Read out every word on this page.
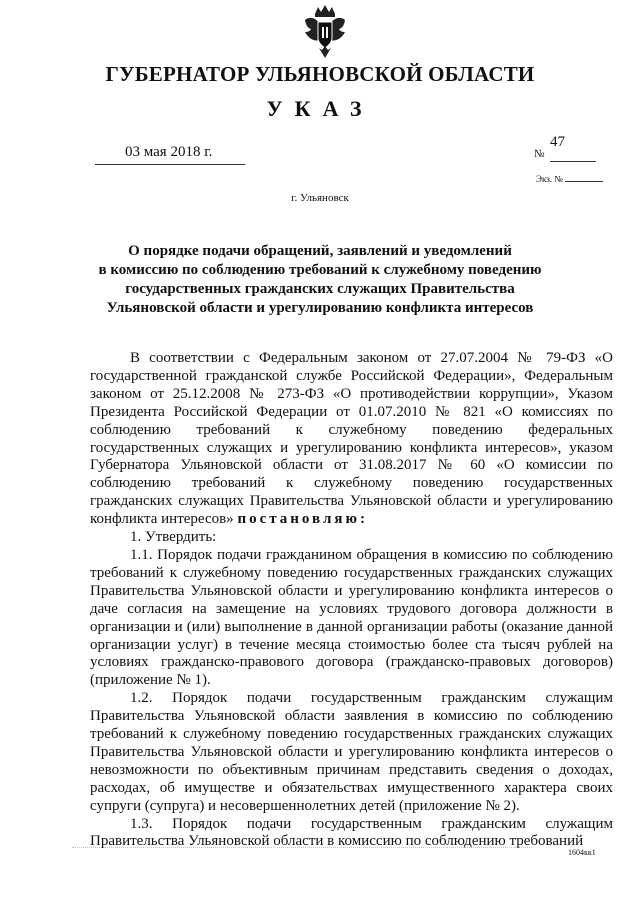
ГУБЕРНАТОР УЛЬЯНОВСКОЙ ОБЛАСТИ
УКАЗ
03 мая 2018 г.	№
47
Экз. №
г. Ульяновск

О порядке подачи обращений, заявлений и уведомлений

в комиссию по соблюдению требований к служебному поведению

государственных гражданских служащих Правительства

Ульяновской области и урегулированию конфликта интересов

В соответствии с Федеральным законом от 27.07.2004 № 79-ФЗ «О государственной гражданской службе Российской Федерации», Федеральным законом от 25.12.2008 № 273-ФЗ «О противодействии коррупции», Указом Президента Российской Федерации от 01.07.2010 № 821 «О комиссиях по соблюдению требований к служебному поведению федеральных государственных служащих и урегулированию конфликта интересов», указом Губернатора Ульяновской области от 31.08.2017 № 60 «О комиссии по соблюдению требований к служебному поведению государственных гражданских служащих Правительства Ульяновской области и урегулированию конфликта интересов» постановляю:

1. Утвердить:

1.1. Порядок подачи гражданином обращения в комиссию по соблюдению требований к служебному поведению государственных гражданских служащих Правительства Ульяновской области и урегулированию конфликта интересов о даче согласия на замещение на условиях трудового договора должности в организации и (или) выполнение в данной организации работы (оказание данной организации услуг) в течение месяца стоимостью более ста тысяч рублей на условиях гражданско-правового договора (гражданско-правовых договоров) (приложение № 1).

1.2. Порядок подачи государственным гражданским служащим Правительства Ульяновской области заявления в комиссию по соблюдению требований к служебному поведению государственных гражданских служащих Правительства Ульяновской области и урегулированию конфликта интересов о невозможности по объективным причинам представить сведения о доходах, расходах, об имуществе и обязательствах имущественного характера своих супруги (супруга) и несовершеннолетних детей (приложение № 2).

1.3. Порядок подачи государственным гражданским служащим Правительства Ульяновской области в комиссию по соблюдению требований

1604кк1
